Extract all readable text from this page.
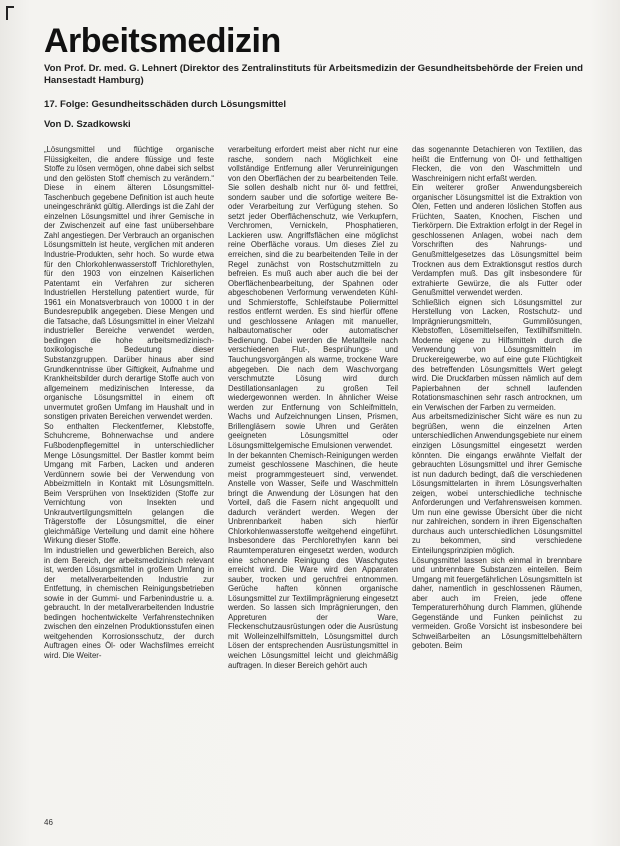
Arbeitsmedizin
Von Prof. Dr. med. G. Lehnert (Direktor des Zentralinstituts für Arbeitsmedizin der Gesundheitsbehörde der Freien und Hansestadt Hamburg)
17. Folge: Gesundheitsschäden durch Lösungsmittel
Von D. Szadkowski

„Lösungsmittel und flüchtige organische Flüssigkeiten, die andere flüssige und feste Stoffe zu lösen vermögen, ohne dabei sich selbst und den gelösten Stoff chemisch zu verändern.“ Diese in einem älteren Lösungsmittel-Taschenbuch gegebene Definition ist auch heute uneingeschränkt gültig. Allerdings ist die Zahl der einzelnen Lösungsmittel und ihrer Gemische in der Zwischenzeit auf eine fast unübersehbare Zahl angestiegen. Der Verbrauch an organischen Lösungsmitteln ist heute, verglichen mit anderen Industrie-Produkten, sehr hoch. So wurde etwa für den Chlorkohlenwasserstoff Trichlorethylen, für den 1903 von einzelnen Kaiserlichen Patentamt ein Verfahren zur sicheren Industriellen Herstellung patentiert wurde, für 1961 ein Monatsverbrauch von 10000 t in der Bundesrepublik angegeben. Diese Mengen und die Tatsache, daß Lösungsmittel in einer Vielzahl industrieller Bereiche verwendet werden, bedingen die hohe arbeitsmedizinisch-toxikologische Bedeutung dieser Substanzgruppen. Darüber hinaus aber sind Grundkenntnisse über Giftigkeit, Aufnahme und Krankheitsbilder durch derartige Stoffe auch von allgemeinem medizinischen Interesse, da organische Lösungsmittel in einem oft unvermutet großen Umfang im Haushalt und in sonstigen privaten Bereichen verwendet werden.

So enthalten Fleckentferner, Klebstoffe, Schuhcreme, Bohnerwachse und andere Fußbodenpflegemittel in unterschiedlicher Menge Lösungsmittel. Der Bastler kommt beim Umgang mit Farben, Lacken und anderen Verdünnern sowie bei der Verwendung von Abbeizmitteln in Kontakt mit Lösungsmitteln. Beim Versprühen von Insektiziden (Stoffe zur Vernichtung von Insekten und Unkrautvertilgungsmitteln gelangen die Trägerstoffe der Lösungsmittel, die einer gleichmäßige Verteilung und damit eine höhere Wirkung dieser Stoffe.

Im industriellen und gewerblichen Bereich, also in dem Bereich, der arbeitsmedizinisch relevant ist, werden Lösungsmittel in großem Umfang in der metallverarbeitenden Industrie zur Entfettung, in chemischen Reinigungsbetrieben sowie in der Gummi- und Farbenindustrie u. a. gebraucht. In der metallverarbeitenden Industrie bedingen hochentwickelte Verfahrenstechniken zwischen den einzelnen Produktionsstufen einen weitgehenden Korrosionsschutz, der durch Auftragen eines Öl- oder Wachsfilmes erreicht wird. Die Weiter-

verarbeitung erfordert meist aber nicht nur eine rasche, sondern nach Möglichkeit eine vollständige Entfernung aller Verunreinigungen von den Oberflächen der zu bearbeitenden Teile. Sie sollen deshalb nicht nur öl- und fettfrei, sondern sauber und die sofortige weitere Be- oder Verarbeitung zur Verfügung stehen. So setzt jeder Oberflächenschutz, wie Verkupfern, Verchromen, Vernickeln, Phosphatieren, Lackieren usw. Angriffsflächen eine möglichst reine Oberfläche voraus. Um dieses Ziel zu erreichen, sind die zu bearbeitenden Teile in der Regel zunächst von Rostschutzmitteln zu befreien. Es muß auch aber auch die bei der Oberflächenbearbeitung, der Spahnen oder abgeschobenen Verformung verwendeten Kühl- und Schmierstoffe, Schleifstaube Poliermittel restlos entfernt werden. Es sind hierfür offene und geschlossene Anlagen mit manueller, halbautomatischer oder automatischer Bedienung. Dabei werden die Metallteile nach verschiedenen Flut-, Besprühungs- und Tauchungsvorgängen als warme, trockene Ware abgegeben. Die nach dem Waschvorgang verschmutzte Lösung wird durch Destillationsanlagen zu großen Teil wiedergewonnen werden. In ähnlicher Weise werden zur Entfernung von Schleifmitteln, Wachs und Aufzeichnungen Linsen, Prismen, Brillengläsern sowie Uhren und Geräten geeigneten Lösungsmittel oder Lösungsmittelgemische Emulsionen verwendet.

In der bekannten Chemisch-Reinigungen werden zumeist geschlossene Maschinen, die heute meist programmgesteuert sind, verwendet. Anstelle von Wasser, Seife und Waschmitteln bringt die Anwendung der Lösungen hat den Vorteil, daß die Fasern nicht angequollt und dadurch verändert werden. Wegen der Unbrennbarkeit haben sich hierfür Chlorkohlenwasserstoffe weitgehend eingeführt. Insbesondere das Perchlorethylen kann bei Raumtemperaturen eingesetzt werden, wodurch eine schonende Reinigung des Waschgutes erreicht wird. Die Ware wird den Apparaten sauber, trocken und geruchfrei entnommen. Gerüche haften können organische Lösungsmittel zur Textilimprägnierung eingesetzt werden. So lassen sich Imprägnierungen, den Appreturen der Ware, Fleckenschutzausrüstungen oder die Ausrüstung mit Wolleinzelhilfsmitteln, Lösungsmittel durch Lösen der entsprechenden Ausrüstungsmittel in weichen Lösungsmittel leicht und gleichmäßig auftragen. In dieser Bereich gehört auch

das sogenannte Detachieren von Textilien, das heißt die Entfernung von Öl- und fetthaltigen Flecken, die von den Waschmitteln und Waschreinigern nicht erfaßt werden.

Ein weiterer großer Anwendungsbereich organischer Lösungsmittel ist die Extraktion von Ölen, Fetten und anderen löslichen Stoffen aus Früchten, Saaten, Knochen, Fischen und Tierkörpern. Die Extraktion erfolgt in der Regel in geschlossenen Anlagen, wobei nach dem Vorschriften des Nahrungs- und Genußmittelgesetzes das Lösungsmittel beim Trocknen aus dem Extraktionsgut restlos durch Verdampfen muß. Das gilt insbesondere für extrahierte Gewürze, die als Futter oder Genußmittel verwendet werden.

Schließlich eignen sich Lösungsmittel zur Herstellung von Lacken, Rostschutz- und Imprägnierungsmitteln, Gummilösungen, Klebstoffen, Lösemittelseifen, Textilhilfsmitteln. Moderne eigene zu Hilfsmitteln durch die Verwendung von Lösungsmitteln im Druckereigewerbe, wo auf eine gute Flüchtigkeit des betreffenden Lösungsmittels Wert gelegt wird. Die Druckfarben müssen nämlich auf dem Papierbahnen der schnell laufenden Rotationsmaschinen sehr rasch antrocknen, um ein Verwischen der Farben zu vermeiden.

Aus arbeitsmedizinischer Sicht wäre es nun zu begrüßen, wenn die einzelnen Arten unterschiedlichen Anwendungsgebiete nur einem einzigen Lösungsmittel eingesetzt werden könnten. Die eingangs erwähnte Vielfalt der gebrauchten Lösungsmittel und ihrer Gemische ist nun dadurch bedingt, daß die verschiedenen Lösungsmittelarten in ihrem Lösungsverhalten zeigen, wobei unterschiedliche technische Anforderungen und Verfahrensweisen kommen. Um nun eine gewisse Übersicht über die nicht nur zahlreichen, sondern in ihren Eigenschaften durchaus auch unterschiedlichen Lösungsmittel zu bekommen, sind verschiedene Einteilungsprinzipien möglich.

Lösungsmittel lassen sich einmal in brennbare und unbrennbare Substanzen einteilen. Beim Umgang mit feuergefährlichen Lösungsmitteln ist daher, namentlich in geschlossenen Räumen, aber auch im Freien, jede offene Temperaturerhöhung durch Flammen, glühende Gegenstände und Funken peinlichst zu vermeiden. Große Vorsicht ist insbesondere bei Schweißarbeiten an Lösungsmittelbehältern geboten. Beim

46
